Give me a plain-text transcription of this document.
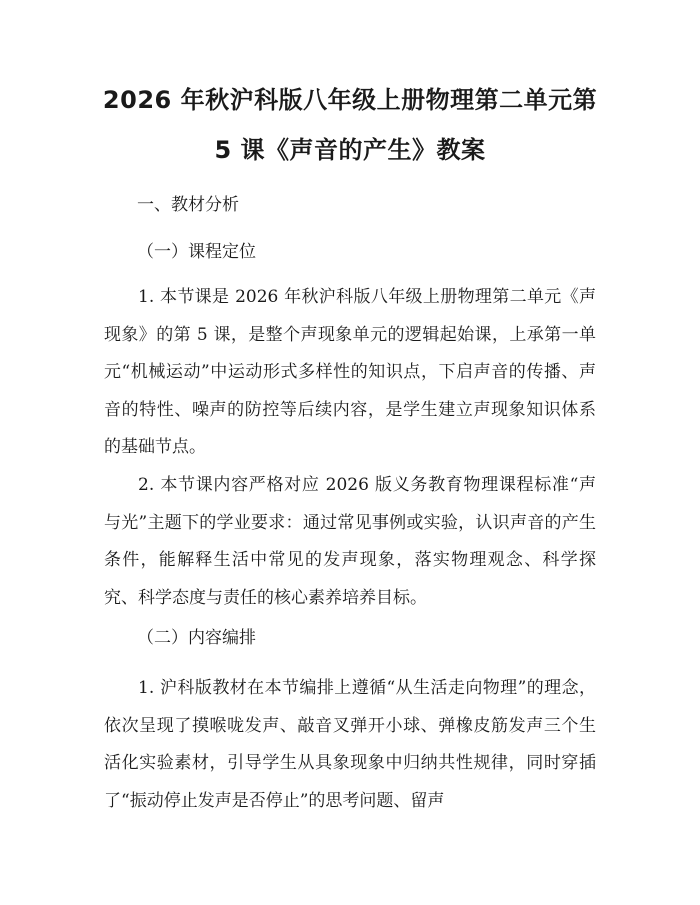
2026 年秋沪科版八年级上册物理第二单元第
5 课《声音的产生》教案

一、教材分析

（一）课程定位

1. 本节课是 2026 年秋沪科版八年级上册物理第二单元《声现象》的第 5 课，是整个声现象单元的逻辑起始课，上承第一单元“机械运动”中运动形式多样性的知识点，下启声音的传播、声音的特性、噪声的防控等后续内容，是学生建立声现象知识体系的基础节点。

2. 本节课内容严格对应 2026 版义务教育物理课程标准“声与光”主题下的学业要求：通过常见事例或实验，认识声音的产生条件，能解释生活中常见的发声现象，落实物理观念、科学探究、科学态度与责任的核心素养培养目标。

（二）内容编排

1. 沪科版教材在本节编排上遵循“从生活走向物理”的理念，依次呈现了摸喉咙发声、敲音叉弹开小球、弹橡皮筋发声三个生活化实验素材，引导学生从具象现象中归纳共性规律，同时穿插了“振动停止发声是否停止”的思考问题、留声
